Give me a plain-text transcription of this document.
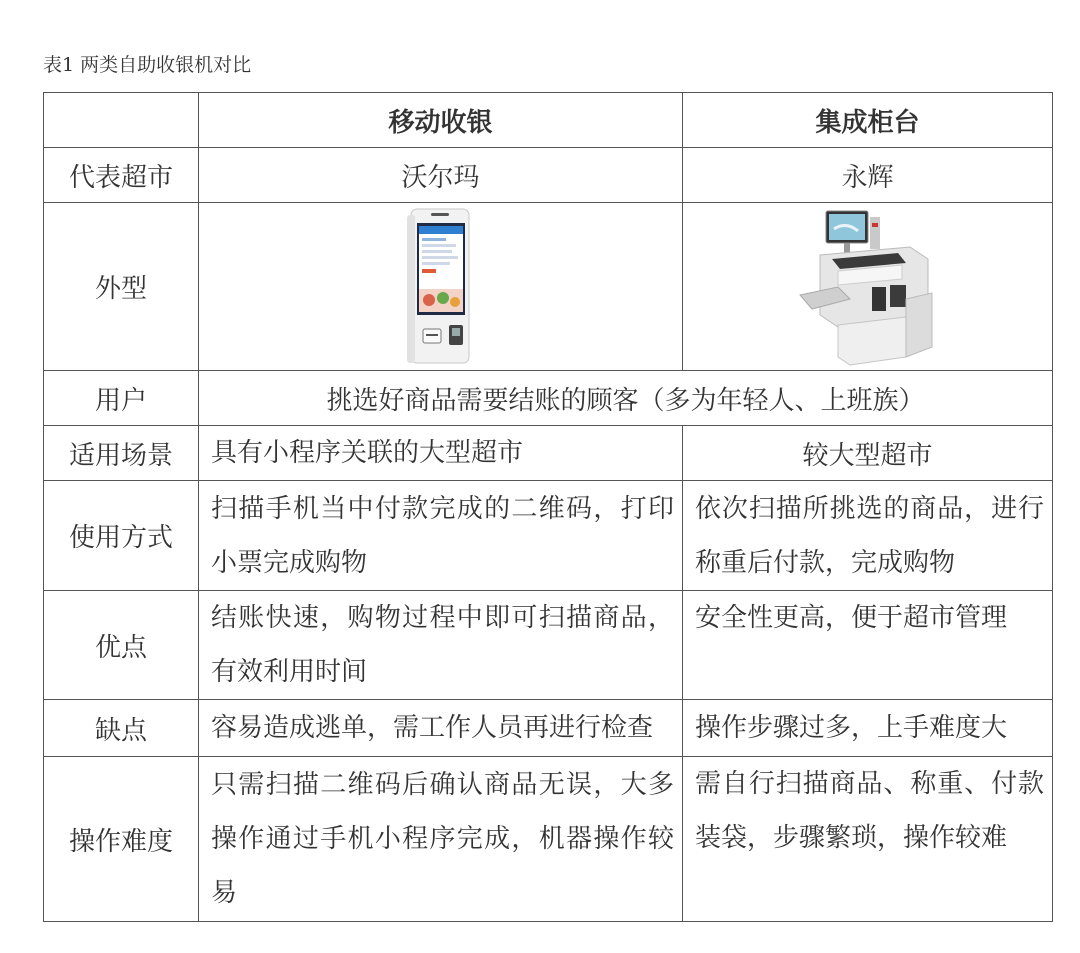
表1 两类自助收银机对比
	移动收银	集成柜台
代表超市	沃尔玛	永辉
外型	

用户	挑选好商品需要结账的顾客（多为年轻人、上班族）	
适用场景	具有小程序关联的大型超市	较大型超市
使用方式	扫描手机当中付款完成的二维码，打印小票完成购物	依次扫描所挑选的商品，进行称重后付款，完成购物
优点	结账快速，购物过程中即可扫描商品，有效利用时间	安全性更高，便于超市管理
缺点	容易造成逃单，需工作人员再进行检查	操作步骤过多，上手难度大
操作难度	只需扫描二维码后确认商品无误，大多操作通过手机小程序完成，机器操作较易	需自行扫描商品、称重、付款装袋，步骤繁琐，操作较难
